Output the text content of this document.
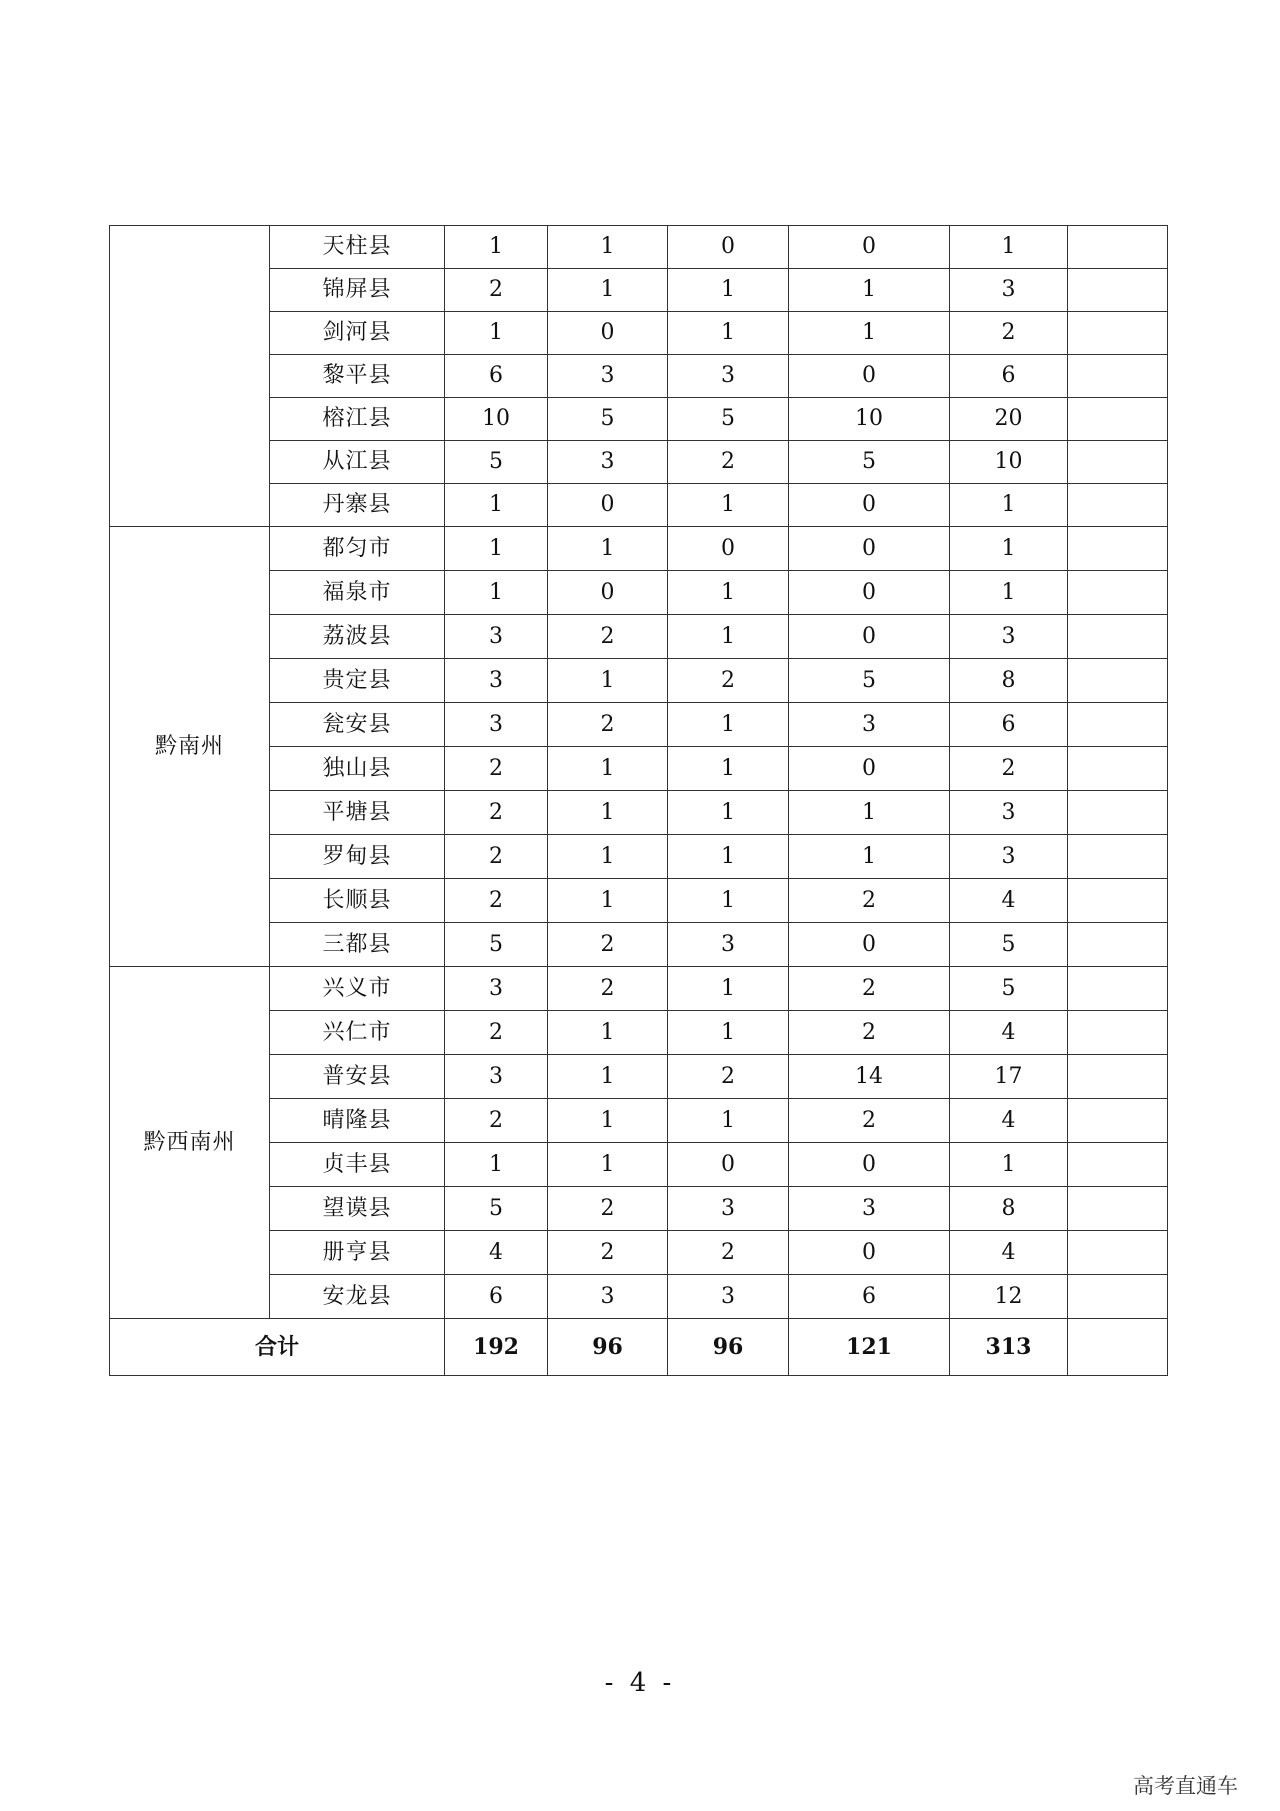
	天柱县	1	1	0	0	1	
	锦屏县	2	1	1	1	3	
	剑河县	1	0	1	1	2	
	黎平县	6	3	3	0	6	
	榕江县	10	5	5	10	20	
	从江县	5	3	2	5	10	
	丹寨县	1	0	1	0	1	
黔南州	都匀市	1	1	0	0	1	
	福泉市	1	0	1	0	1	
	荔波县	3	2	1	0	3	
	贵定县	3	1	2	5	8	
	瓮安县	3	2	1	3	6	
	独山县	2	1	1	0	2	
	平塘县	2	1	1	1	3	
	罗甸县	2	1	1	1	3	
	长顺县	2	1	1	2	4	
	三都县	5	2	3	0	5	
黔西南州	兴义市	3	2	1	2	5	
	兴仁市	2	1	1	2	4	
	普安县	3	1	2	14	17	
	晴隆县	2	1	1	2	4	
	贞丰县	1	1	0	0	1	
	望谟县	5	2	3	3	8	
	册亨县	4	2	2	0	4	
	安龙县	6	3	3	6	12	
合计		192	96	96	121	313	
- 4 -
高考直通车
